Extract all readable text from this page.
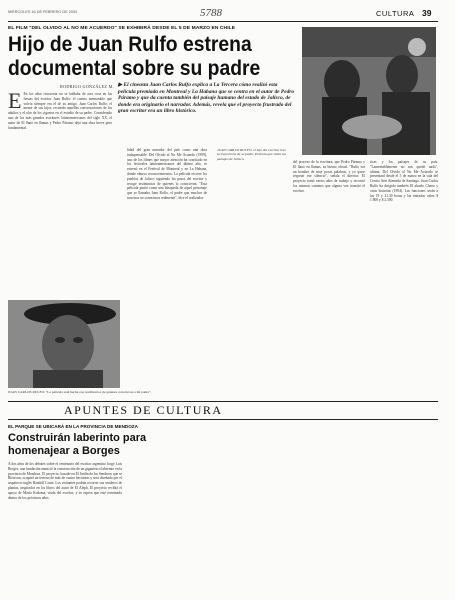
MIÉRCOLES 16 DE FEBRERO DE 2000	5788	CULTURA 39
EL FILM "DEL OLVIDO AL NO ME ACUERDO" SE EXHIBIRÁ DESDE EL 5 DE MARZO EN CHILE
Hijo de Juan Rulfo estrena
documental sobre su padre
RODRIGO GONZÁLEZ M. ▶ El cineasta Juan Carlos Rulfo explica a La Tercera cómo realizó esta película premiada en Montreal y La Habana que se centra en el autor de Pedro Páramo y que da cuenta también del paisaje humano del estado de Jalisco, de donde era originario el narrador. Además, revela que el proyecto frustrado del gran escritor era un libro histórico.
E En los años cincuenta no se hablaba de otra cosa en las fiestas del escritor Juan Rulfo: el cuento memorable que volvía siempre era el de su amigo. Juan Carlos Rulfo, el menor de sus hijos, recuerda aquellas conversaciones de los adultos y el olor de los cigarros en el estudio de su padre. Considerado uno de los más grandes escritores latinoamericanos del siglo XX, el autor de El llano en llamas y Pedro Páramo dejó una obra breve pero fundamental.

lidad del gran narrador del país como una obra indispensable. Del Olvido al No Me Acuerdo (1999), uno de los filmes que mayor atención ha concitado en los festivales latinoamericanos del último año, se estrenó en el Festival de Montreal y en La Habana, donde obtuvo reconocimientos. La película recorre los pueblos de Jalisco siguiendo los pasos del escritor y recoge testimonios de quienes lo conocieron. "Esta película partió como una búsqueda de aquel personaje que se llamaba Juan Rulfo, el padre que muchos de nosotros no conocimos realmente", dice el realizador.

JUAN CARLOS RULFO, el hijo del escritor, tras la trayectoria de su padre. Película que visita los paisajes de Jalisco.

del proceso de la escritura, que Pedro Páramo y El llano en llamas, su bienio oficial. "Rulfo era un hombre de muy pocas palabras, y yo quise respetar ese silencio", señala el director. El proyecto tomó varios años de trabajo y recorrió los mismos caminos que alguna vez transitó el escritor.

ticas y los paisajes de su país. "Lamentablemente no nos quedó nada", afirma. Del Olvido al No Me Acuerdo se presentará desde el 5 de marzo en la sala del Centro Arte Alameda de Santiago. Juan Carlos Rulfo ha dirigido también El abuelo Cheno y otras historias (1994). Las funciones serán a las 19 y 21.30 horas y las entradas valen $ 1.800 y $ 2.500.

JUAN CARLOS RULFO: "La película está hecha con testimonios de quienes conocieron a mi padre".
APUNTES DE CULTURA
EL PARQUE SE UBICARÁ EN LA PROVINCIA DE MENDOZA
Construirán laberinto para
homenajear a Borges
A dos años de los debates sobre el centenario del escritor argentino Jorge Luis Borges, una fundación anunció la construcción de un gigantesco laberinto en la provincia de Mendoza. El proyecto, basado en El Jardín de los Senderos que se Bifurcan, ocupará un terreno de más de cuatro hectáreas y será diseñado por el arquitecto inglés Randoll Coate. Los visitantes podrán recorrer sus senderos de plantas, inspirados en los libros del autor de El Aleph. El proyecto recibió el apoyo de María Kodama, viuda del escritor, y se espera que esté terminado dentro de los próximos años.
